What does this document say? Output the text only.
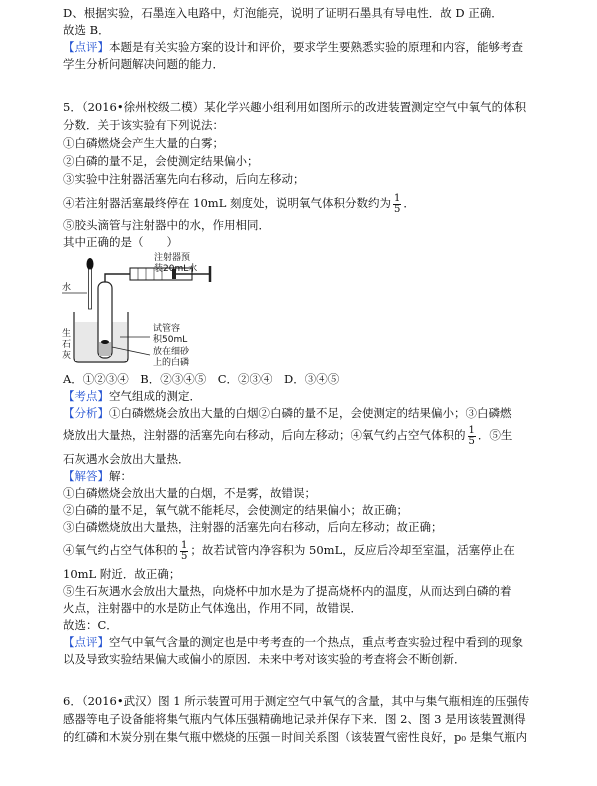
D、根据实验，石墨连入电路中，灯泡能亮，说明了证明石墨具有导电性．故 D 正确．
故选 B．
【点评】本题是有关实验方案的设计和评价，要求学生要熟悉实验的原理和内容，能够考查
学生分析问题解决问题的能力．
5．（2016•徐州校级二模）某化学兴趣小组利用如图所示的改进装置测定空气中氧气的体积
分数．关于该实验有下列说法：
①白磷燃烧会产生大量的白雾；
②白磷的量不足，会使测定结果偏小；
③实验中注射器活塞先向右移动，后向左移动；
④若注射器活塞最终停在 10mL 刻度处，说明氧气体积分数约为 $\frac{1}{5}$ ．
⑤胶头滴管与注射器中的水，作用相同．
其中正确的是（　　）
注射器预
装20mL水
水
生
石
灰
试管容
积50mL
放在细砂
上的白磷
A．①②③④　B．②③④⑤　C．②③④　D．③④⑤
【考点】空气组成的测定．
【分析】①白磷燃烧会放出大量的白烟②白磷的量不足，会使测定的结果偏小；③白磷燃
烧放出大量热，注射器的活塞先向右移动，后向左移动；④氧气约占空气体积的 $\frac{1}{5}$ ．⑤生
石灰遇水会放出大量热．
【解答】解：
①白磷燃烧会放出大量的白烟，不是雾，故错误；
②白磷的量不足，氧气就不能耗尽，会使测定的结果偏小；故正确；
③白磷燃烧放出大量热，注射器的活塞先向右移动，后向左移动；故正确；
④氧气约占空气体积的 $\frac{1}{5}$ ；故若试管内净容积为 50mL，反应后冷却至室温，活塞停止在
10mL 附近．故正确；
⑤生石灰遇水会放出大量热，向烧杯中加水是为了提高烧杯内的温度，从而达到白磷的着
火点，注射器中的水是防止气体逸出，作用不同，故错误．
故选：C．
【点评】空气中氧气含量的测定也是中考考查的一个热点，重点考查实验过程中看到的现象
以及导致实验结果偏大或偏小的原因．未来中考对该实验的考查将会不断创新．
6．（2016•武汉）图 1 所示装置可用于测定空气中氧气的含量，其中与集气瓶相连的压强传
感器等电子设备能将集气瓶内气体压强精确地记录并保存下来．图 2、图 3 是用该装置测得
的红磷和木炭分别在集气瓶中燃烧的压强－时间关系图（该装置气密性良好，p₀ 是集气瓶内
